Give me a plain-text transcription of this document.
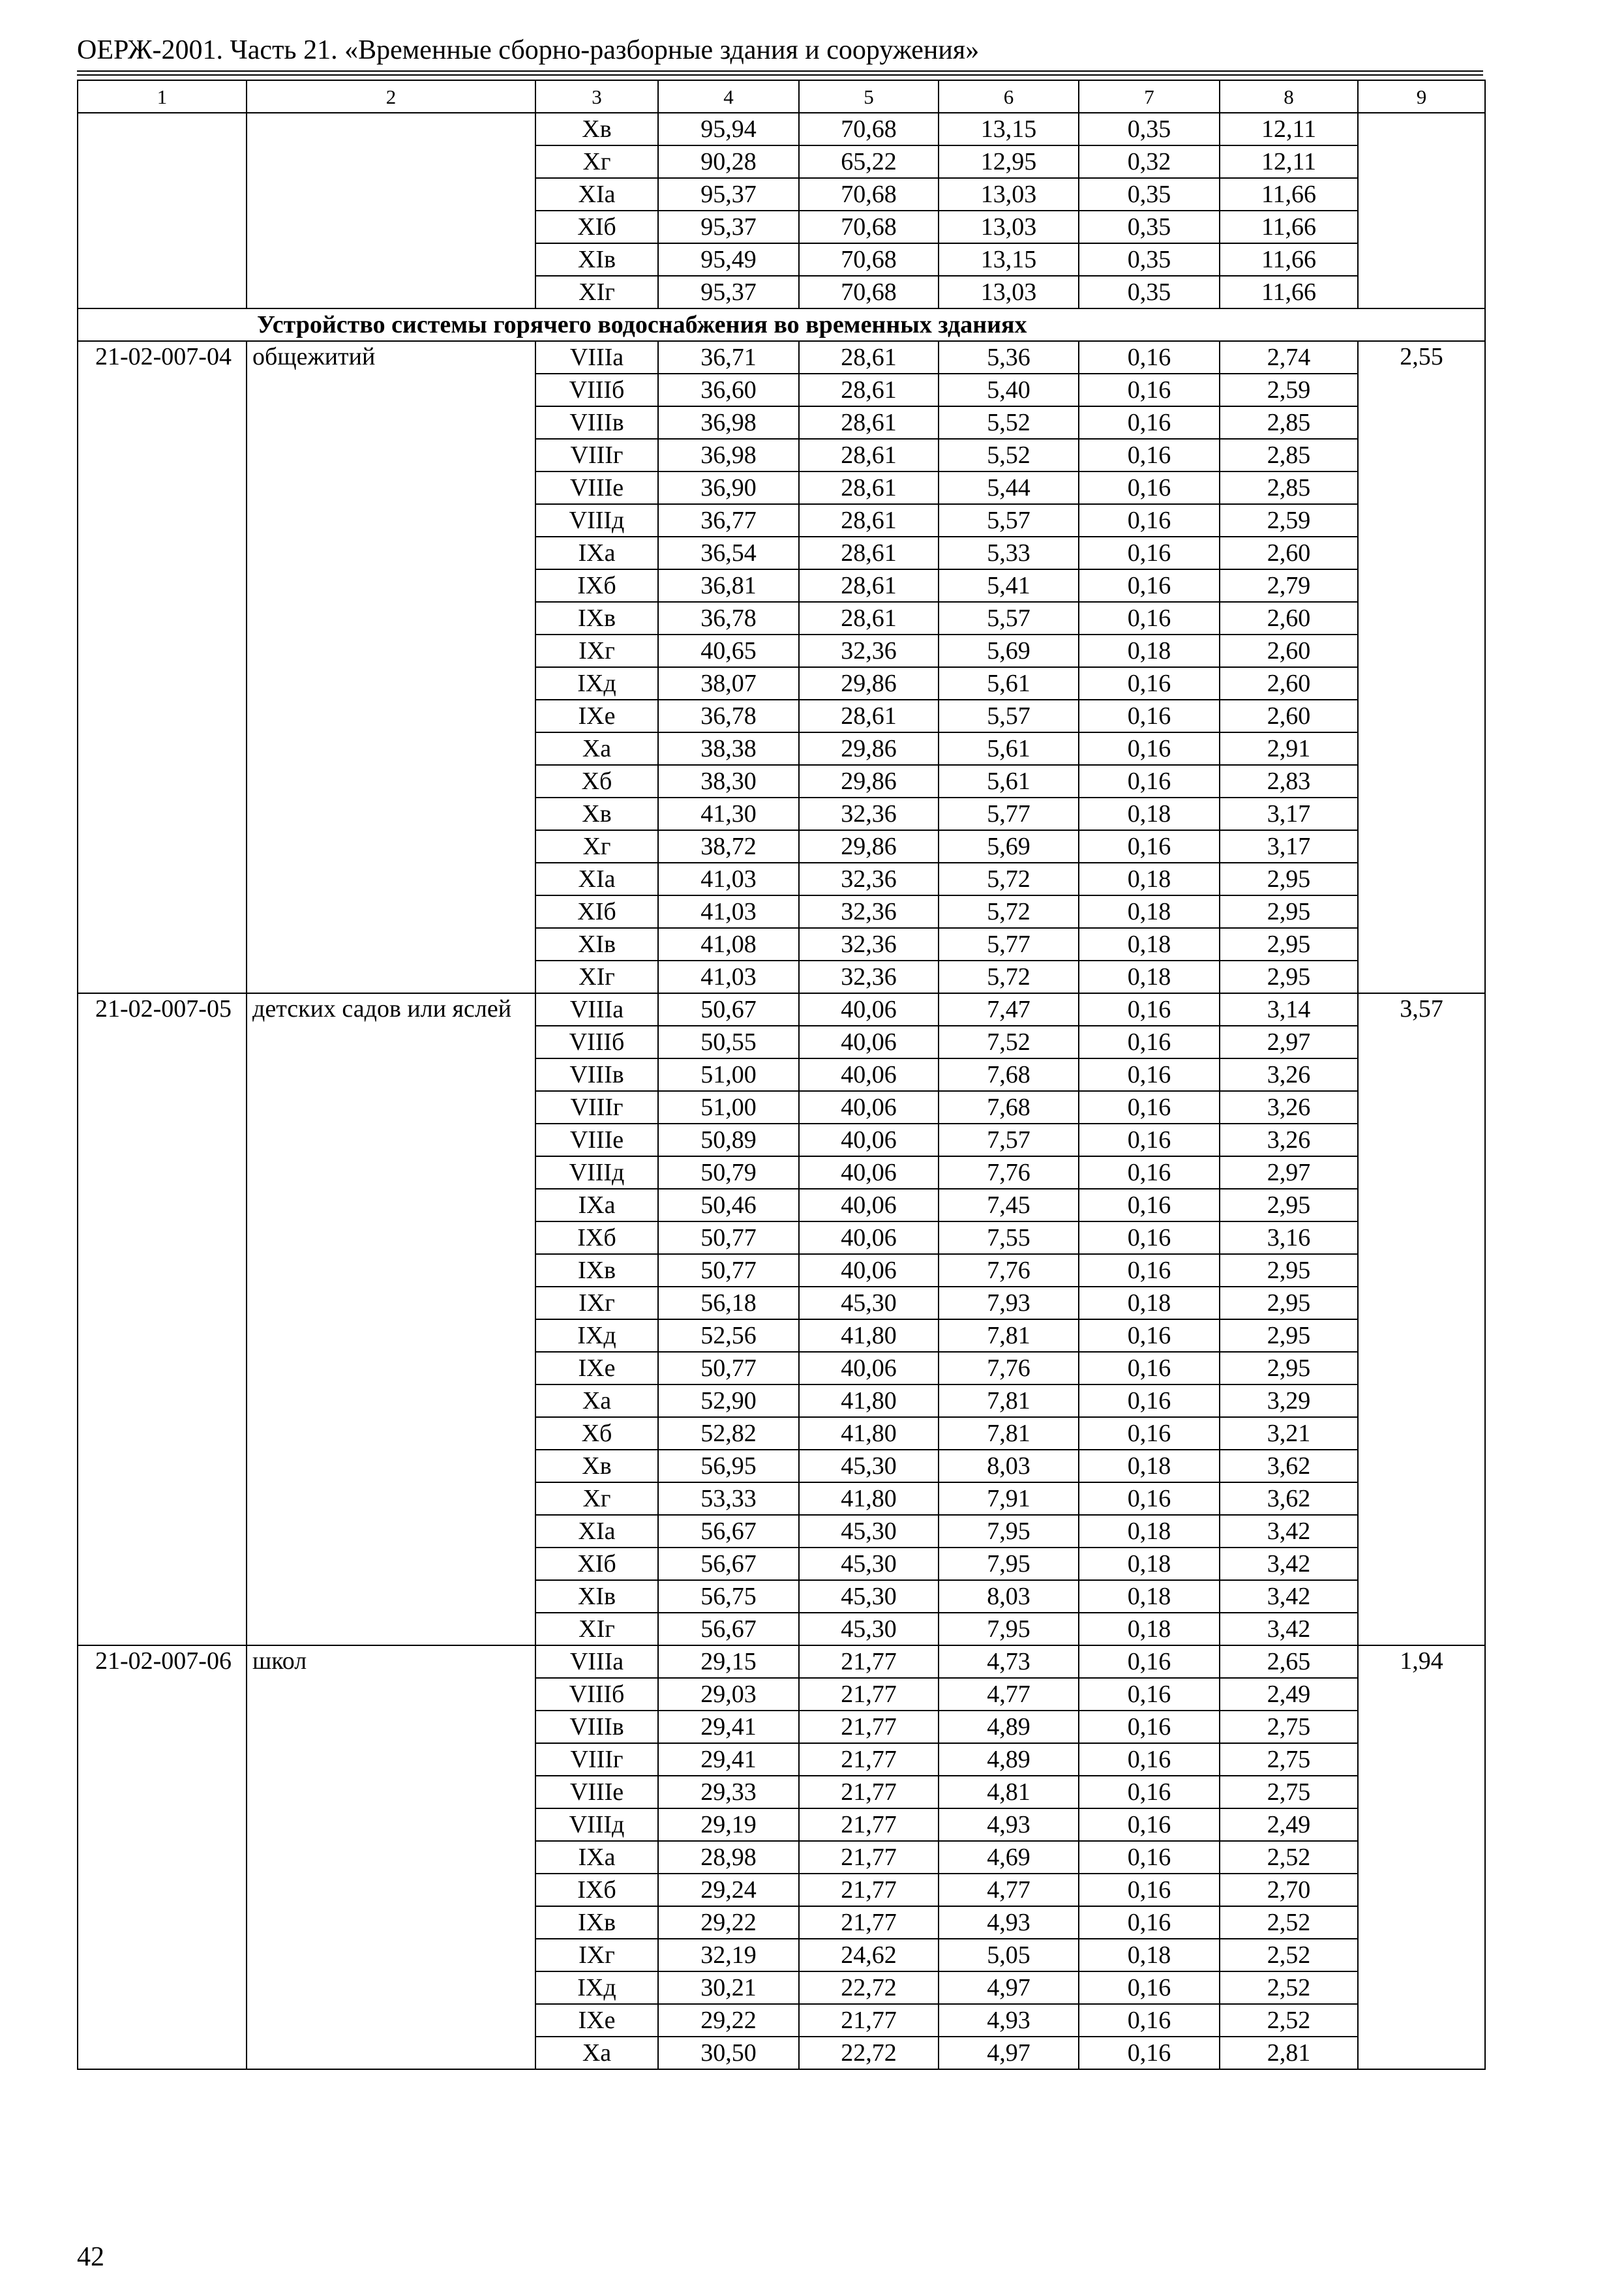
ОЕРЖ-2001. Часть 21. «Временные сборно-разборные здания и сооружения»
1	2	3	4	5	6	7	8	9
		Хв	95,94	70,68	13,15	0,35	12,11	
		Хг	90,28	65,22	12,95	0,32	12,11	
		ХIа	95,37	70,68	13,03	0,35	11,66	
		ХIб	95,37	70,68	13,03	0,35	11,66	
		ХIв	95,49	70,68	13,15	0,35	11,66	
		ХIг	95,37	70,68	13,03	0,35	11,66	
Устройство системы горячего водоснабжения во временных зданиях								
21-02-007-04	общежитий	VIIIа	36,71	28,61	5,36	0,16	2,74	2,55
		VIIIб	36,60	28,61	5,40	0,16	2,59	
		VIIIв	36,98	28,61	5,52	0,16	2,85	
		VIIIг	36,98	28,61	5,52	0,16	2,85	
		VIIIе	36,90	28,61	5,44	0,16	2,85	
		VIIIд	36,77	28,61	5,57	0,16	2,59	
		IХа	36,54	28,61	5,33	0,16	2,60	
		IХб	36,81	28,61	5,41	0,16	2,79	
		IХв	36,78	28,61	5,57	0,16	2,60	
		IХг	40,65	32,36	5,69	0,18	2,60	
		IХд	38,07	29,86	5,61	0,16	2,60	
		IХе	36,78	28,61	5,57	0,16	2,60	
		Ха	38,38	29,86	5,61	0,16	2,91	
		Хб	38,30	29,86	5,61	0,16	2,83	
		Хв	41,30	32,36	5,77	0,18	3,17	
		Хг	38,72	29,86	5,69	0,16	3,17	
		ХIа	41,03	32,36	5,72	0,18	2,95	
		ХIб	41,03	32,36	5,72	0,18	2,95	
		ХIв	41,08	32,36	5,77	0,18	2,95	
		ХIг	41,03	32,36	5,72	0,18	2,95	
21-02-007-05	детских садов или яслей	VIIIа	50,67	40,06	7,47	0,16	3,14	3,57
		VIIIб	50,55	40,06	7,52	0,16	2,97	
		VIIIв	51,00	40,06	7,68	0,16	3,26	
		VIIIг	51,00	40,06	7,68	0,16	3,26	
		VIIIе	50,89	40,06	7,57	0,16	3,26	
		VIIIд	50,79	40,06	7,76	0,16	2,97	
		IХа	50,46	40,06	7,45	0,16	2,95	
		IХб	50,77	40,06	7,55	0,16	3,16	
		IХв	50,77	40,06	7,76	0,16	2,95	
		IХг	56,18	45,30	7,93	0,18	2,95	
		IХд	52,56	41,80	7,81	0,16	2,95	
		IХе	50,77	40,06	7,76	0,16	2,95	
		Ха	52,90	41,80	7,81	0,16	3,29	
		Хб	52,82	41,80	7,81	0,16	3,21	
		Хв	56,95	45,30	8,03	0,18	3,62	
		Хг	53,33	41,80	7,91	0,16	3,62	
		ХIа	56,67	45,30	7,95	0,18	3,42	
		ХIб	56,67	45,30	7,95	0,18	3,42	
		ХIв	56,75	45,30	8,03	0,18	3,42	
		ХIг	56,67	45,30	7,95	0,18	3,42	
21-02-007-06	школ	VIIIа	29,15	21,77	4,73	0,16	2,65	1,94
		VIIIб	29,03	21,77	4,77	0,16	2,49	
		VIIIв	29,41	21,77	4,89	0,16	2,75	
		VIIIг	29,41	21,77	4,89	0,16	2,75	
		VIIIе	29,33	21,77	4,81	0,16	2,75	
		VIIIд	29,19	21,77	4,93	0,16	2,49	
		IХа	28,98	21,77	4,69	0,16	2,52	
		IХб	29,24	21,77	4,77	0,16	2,70	
		IХв	29,22	21,77	4,93	0,16	2,52	
		IХг	32,19	24,62	5,05	0,18	2,52	
		IХд	30,21	22,72	4,97	0,16	2,52	
		IХе	29,22	21,77	4,93	0,16	2,52	
		Ха	30,50	22,72	4,97	0,16	2,81	
42
